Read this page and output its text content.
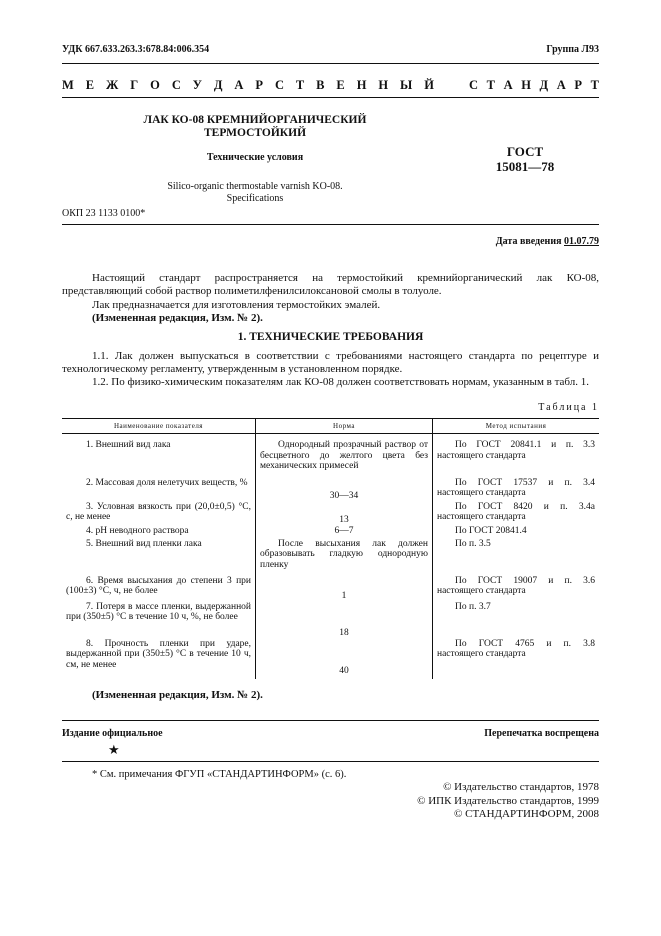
УДК 667.633.263.3:678.84:006.354	Группа Л93
М Е Ж Г О С У Д А Р С Т В Е Н Н Ы Й	С Т А Н Д А Р Т
ЛАК КО-08 КРЕМНИЙОРГАНИЧЕСКИЙ
ТЕРМОСТОЙКИЙ
Технические условия
Silico-organic thermostable varnish KO-08.
Specifications
ГОСТ
15081—78
ОКП 23 1133 0100*
Дата введения 01.07.79
Настоящий стандарт распространяется на термостойкий кремнийорганический лак КО-08, представляющий собой раствор полиметилфенилсилоксановой смолы в толуоле.
Лак предназначается для изготовления термостойких эмалей.
(Измененная редакция, Изм. № 2).
1. ТЕХНИЧЕСКИЕ ТРЕБОВАНИЯ
1.1. Лак должен выпускаться в соответствии с требованиями настоящего стандарта по рецептуре и технологическому регламенту, утвержденным в установленном порядке.
1.2. По физико-химическим показателям лак КО-08 должен соответствовать нормам, указанным в табл. 1.
Таблица 1
Наименование показателя	Норма	Метод испытания
1. Внешний вид лака	Однородный прозрачный раствор от бесцветного до желтого цвета без механических примесей	По ГОСТ 20841.1 и п. 3.3 настоящего стандарта
2. Массовая доля нелетучих веществ, %	30—34	По ГОСТ 17537 и п. 3.4 настоящего стандарта
3. Условная вязкость при (20,0±0,5) °С, с, не менее	13	По ГОСТ 8420 и п. 3.4а настоящего стандарта
4. pH неводного раствора	6—7	По ГОСТ 20841.4
5. Внешний вид пленки лака	После высыхания лак должен образовывать гладкую однородную пленку	По п. 3.5
6. Время высыхания до степени 3 при (100±3) °С, ч, не более	1	По ГОСТ 19007 и п. 3.6 настоящего стандарта
7. Потеря в массе пленки, выдержанной при (350±5) °С в течение 10 ч, %, не более	18	По п. 3.7
8. Прочность пленки при ударе, выдержанной при (350±5) °С в течение 10 ч, см, не менее	40	По ГОСТ 4765 и п. 3.8 настоящего стандарта
(Измененная редакция, Изм. № 2).
Издание официальное	Перепечатка воспрещена
★
* См. примечания ФГУП «СТАНДАРТИНФОРМ» (с. 6).
© Издательство стандартов, 1978
© ИПК Издательство стандартов, 1999
© СТАНДАРТИНФОРМ, 2008
